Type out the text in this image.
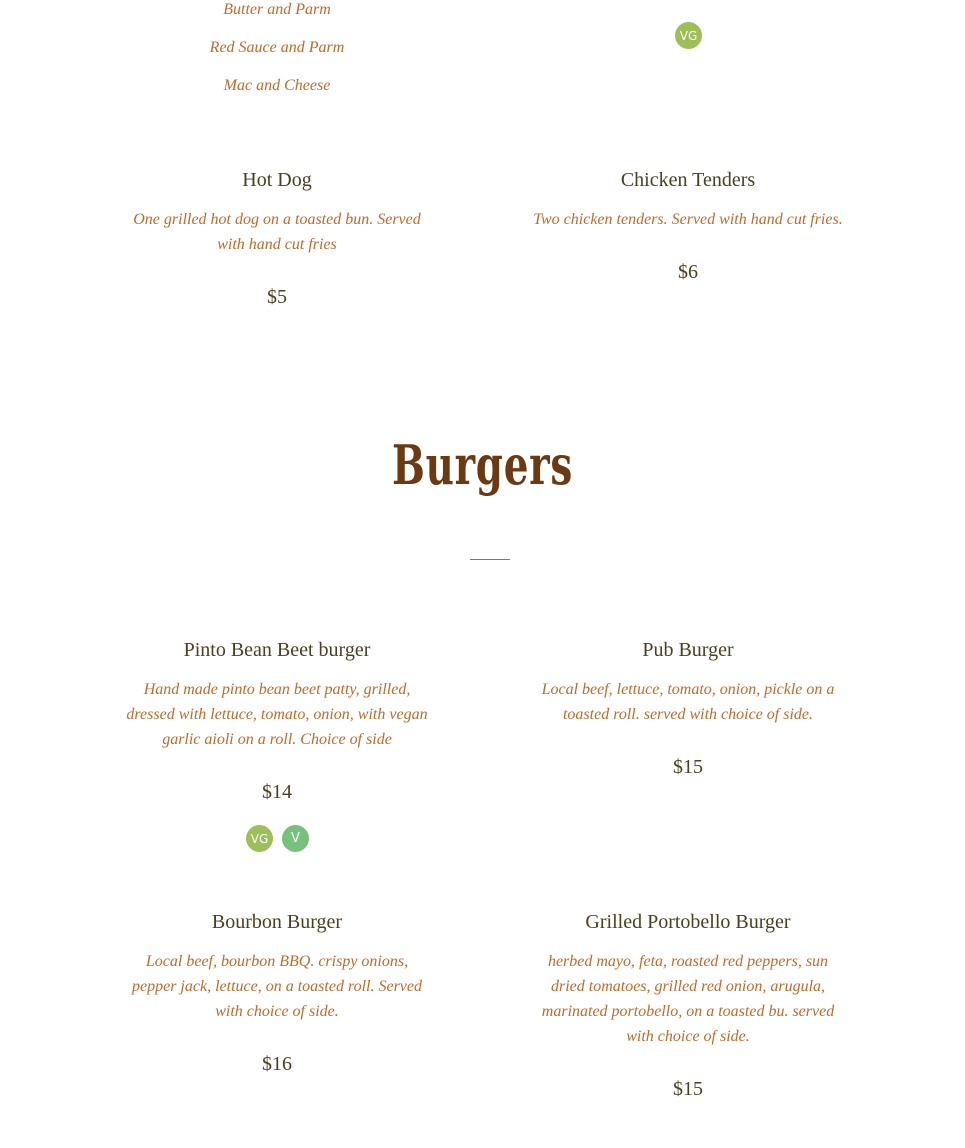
Butter and Parm
Red Sauce and Parm
Mac and Cheese
VG

Hot Dog

One grilled hot dog on a toasted bun. Served with hand cut fries

$5

Chicken Tenders

Two chicken tenders. Served with hand cut fries.

$6

Burgers

Pinto Bean Beet burger

Hand made pinto bean beet patty, grilled, dressed with lettuce, tomato, onion, with vegan garlic aioli on a roll. Choice of side

$14

VG	V

Pub Burger

Local beef, lettuce, tomato, onion, pickle on a toasted roll. served with choice of side.

$15

Bourbon Burger

Local beef, bourbon BBQ. crispy onions, pepper jack, lettuce, on a toasted roll. Served with choice of side.

$16

Grilled Portobello Burger

herbed mayo, feta, roasted red peppers, sun dried tomatoes, grilled red onion, arugula, marinated portobello, on a toasted bu. served with choice of side.

$15
